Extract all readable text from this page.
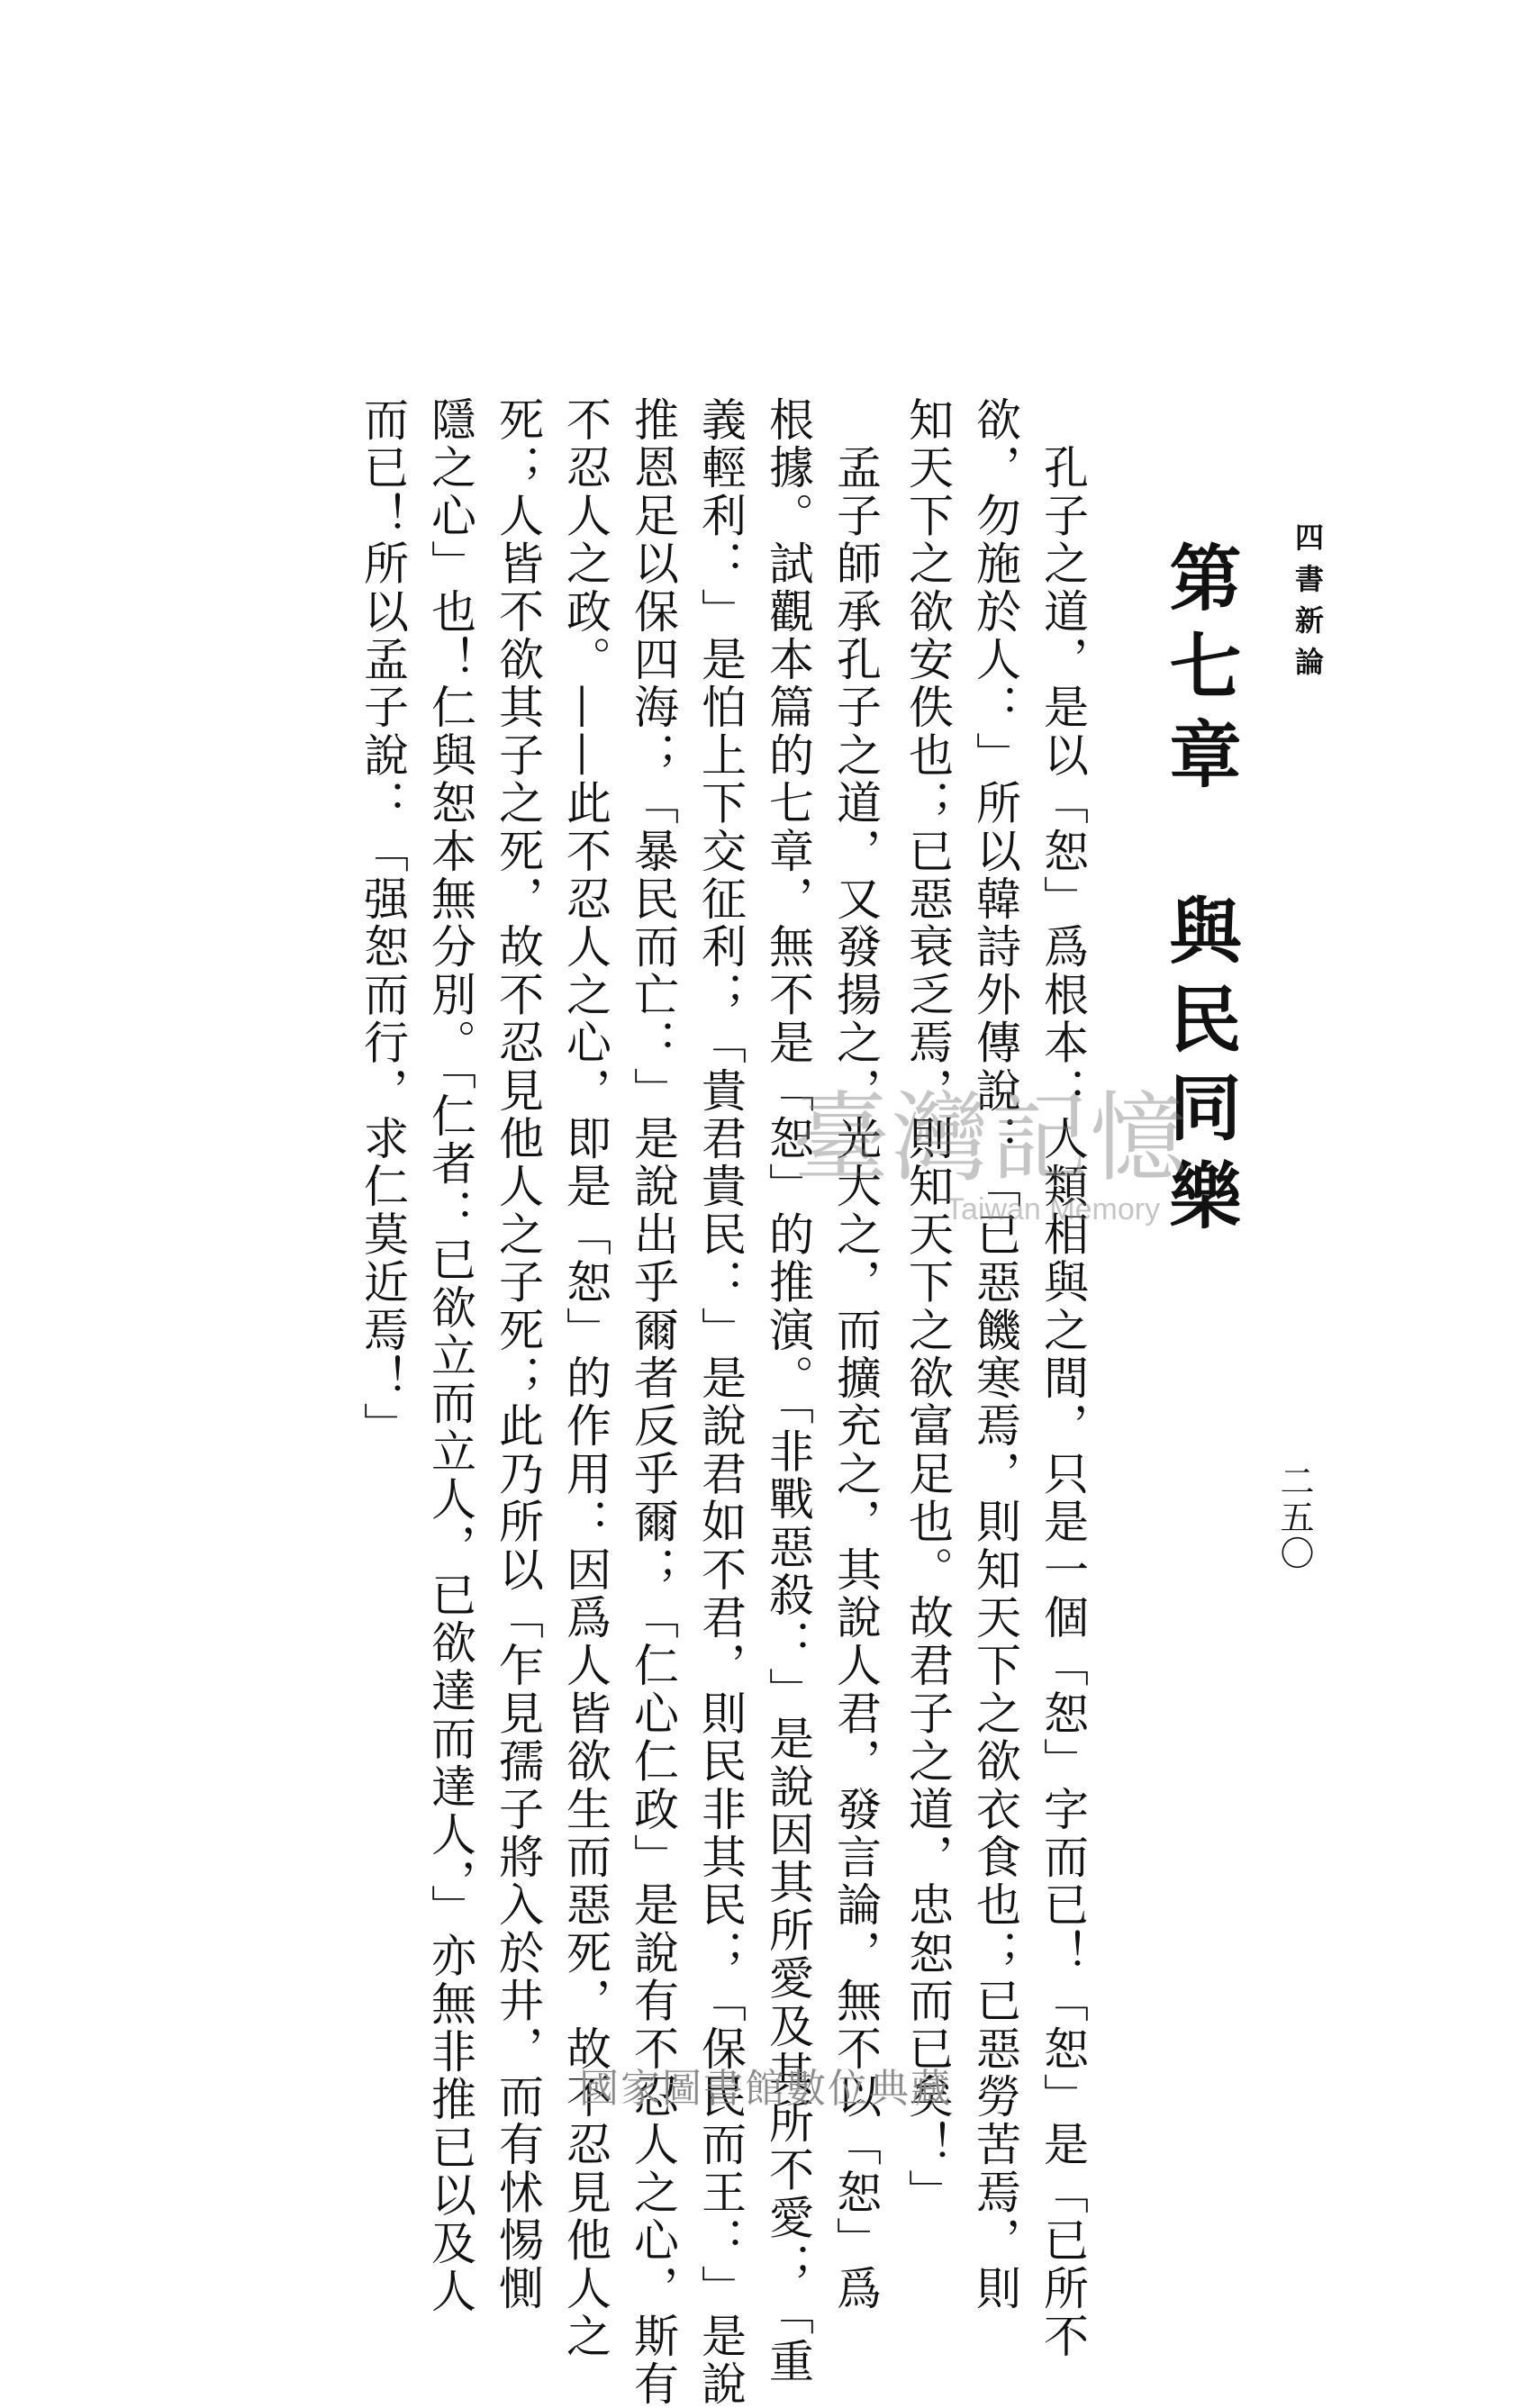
四書新論
二五〇
第七章　與民同樂
　孔子之道，是以「恕」爲根本：人類相與之間，只是一個「恕」字而已！「恕」是「已所不
欲，勿施於人：」所以韓詩外傳說：「已惡饑寒焉，則知天下之欲衣食也；已惡勞苦焉，則
知天下之欲安佚也；已惡衰乏焉，則知天下之欲富足也。故君子之道，忠恕而已矣！」
　孟子師承孔子之道，又發揚之，光大之，而擴充之，其說人君，發言論，無不以「恕」爲
根據。試觀本篇的七章，無不是「恕」的推演。「非戰惡殺：」是說因其所愛及其所不愛；「重
義輕利：」是怕上下交征利；「貴君貴民：」是說君如不君，則民非其民；「保民而王：」是說
推恩足以保四海；「暴民而亡：」是說出乎爾者反乎爾；「仁心仁政」是說有不忍人之心，斯有
不忍人之政。——此不忍人之心，即是「恕」的作用：因爲人皆欲生而惡死，故不忍見他人之
死；人皆不欲其子之死，故不忍見他人之子死；此乃所以「乍見孺子將入於井，而有怵惕惻
隱之心」也！仁與恕本無分別。「仁者：已欲立而立人，已欲達而達人，」亦無非推已以及人
而已！所以孟子說：「强恕而行，求仁莫近焉！」	臺灣記憶
Taiwan Memory
國家圖書館數位典藏
